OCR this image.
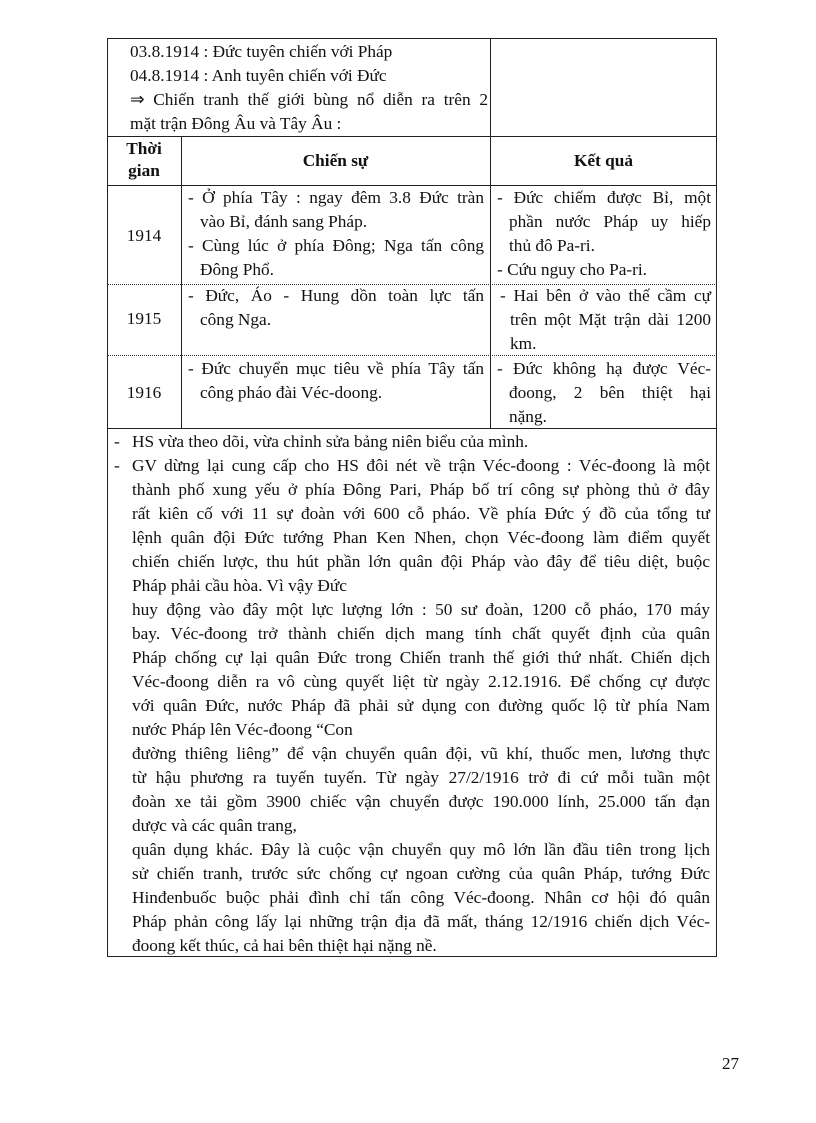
03.8.1914 : Đức tuyên chiến với Pháp
04.8.1914 : Anh tuyên chiến với Đức
⇒ Chiến tranh thế giới bùng nổ diễn ra trên 2
mặt trận Đông Âu và Tây Âu :
Thời
gian
Chiến sự	Kết quả
1914
- Ở phía Tây : ngay đêm 3.8 Đức tràn
vào Bỉ, đánh sang Pháp.
- Cùng lúc ở phía Đông; Nga tấn công
Đông Phổ.
- Đức chiếm được Bỉ, một
phần nước Pháp uy hiếp
thủ đô Pa-ri.
- Cứu nguy cho Pa-ri.
1915
- Đức, Áo - Hung dồn toàn lực tấn
công Nga.
- Hai bên ở vào thế cầm cự
trên một Mặt trận dài 1200
km.
1916
- Đức chuyển mục tiêu về phía Tây tấn
công pháo đài Véc-doong.
- Đức không hạ được Véc-
đoong, 2 bên thiệt hại
nặng.
- HS vừa theo dõi, vừa chỉnh sửa bảng niên biểu của mình.
- GV dừng lại cung cấp cho HS đôi nét về trận Véc-đoong : Véc-đoong là một
thành phố xung yếu ở phía Đông Pari, Pháp bố trí công sự phòng thủ ở đây
rất kiên cố với 11 sự đoàn với 600 cỗ pháo. Về phía Đức ý đồ của tổng tư
lệnh quân đội Đức tướng Phan Ken Nhen, chọn Véc-đoong làm điểm quyết
chiến chiến lược, thu hút phần lớn quân đội Pháp vào đây để tiêu diệt, buộc
Pháp phải cầu hòa. Vì vậy Đức
huy động vào đây một lực lượng lớn : 50 sư đoàn, 1200 cỗ pháo, 170 máy
bay. Véc-đoong trở thành chiến dịch mang tính chất quyết định của quân
Pháp chống cự lại quân Đức trong Chiến tranh thế giới thứ nhất. Chiến dịch
Véc-đoong diễn ra vô cùng quyết liệt từ ngày 2.12.1916. Để chống cự được
với quân Đức, nước Pháp đã phải sử dụng con đường quốc lộ từ phía Nam
nước Pháp lên Véc-đoong “Con
đường thiêng liêng” để vận chuyển quân đội, vũ khí, thuốc men, lương thực
từ hậu phương ra tuyến tuyến. Từ ngày 27/2/1916 trở đi cứ mỗi tuần một
đoàn xe tải gồm 3900 chiếc vận chuyển được 190.000 lính, 25.000 tấn đạn
dược và các quân trang,
quân dụng khác. Đây là cuộc vận chuyển quy mô lớn lần đầu tiên trong lịch
sử chiến tranh, trước sức chống cự ngoan cường của quân Pháp, tướng Đức
Hinđenbuốc buộc phải đình chỉ tấn công Véc-đoong. Nhân cơ hội đó quân
Pháp phản công lấy lại những trận địa đã mất, tháng 12/1916 chiến dịch Véc-
đoong kết thúc, cả hai bên thiệt hại nặng nề.
27
